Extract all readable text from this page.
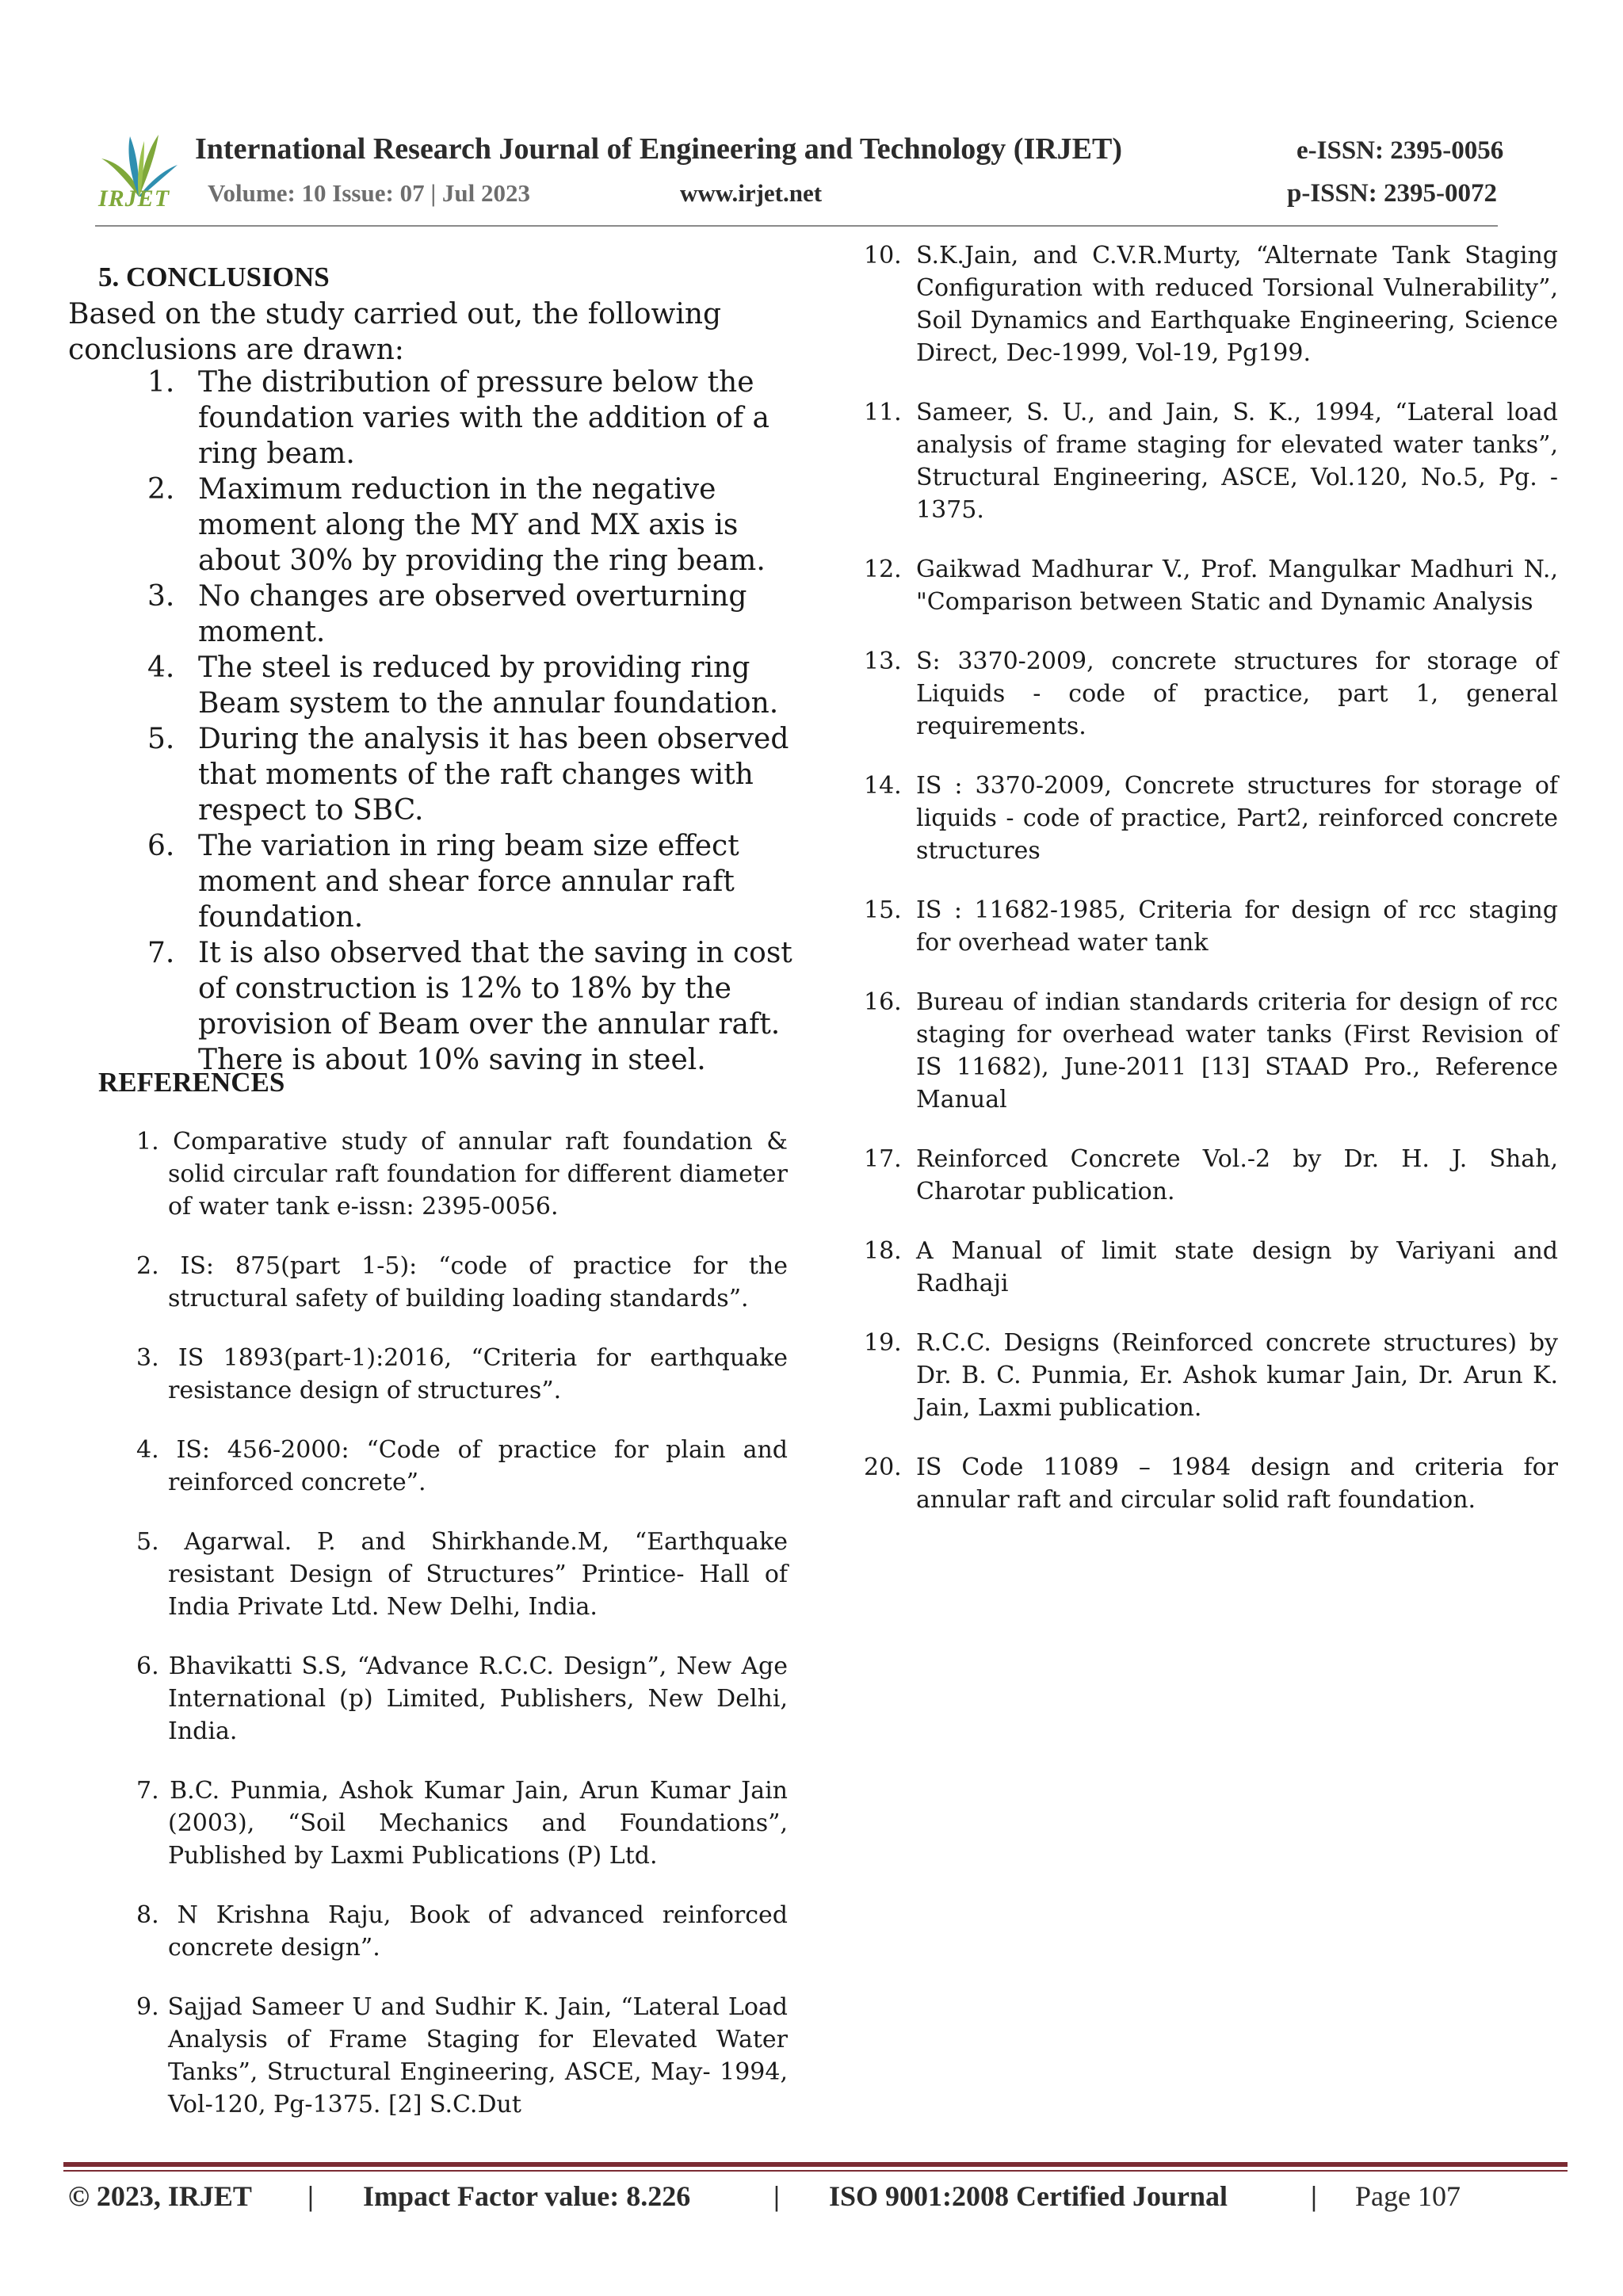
IRJET
International Research Journal of Engineering and Technology (IRJET)	e-ISSN: 2395-0056
Volume: 10 Issue: 07 | Jul 2023	www.irjet.net	p-ISSN: 2395-0072
5. CONCLUSIONS

Based on the study carried out, the following conclusions are drawn:

1. The distribution of pressure below the foundation varies with the addition of a ring beam.
2. Maximum reduction in the negative moment along the MY and MX axis is about 30% by providing the ring beam.
3. No changes are observed overturning moment.
4. The steel is reduced by providing ring Beam system to the annular foundation.
5. During the analysis it has been observed that moments of the raft changes with respect to SBC.
6. The variation in ring beam size effect moment and shear force annular raft foundation.
7. It is also observed that the saving in cost of construction is 12% to 18% by the provision of Beam over the annular raft. There is about 10% saving in steel.
REFERENCES
1. Comparative study of annular raft foundation & solid circular raft foundation for different diameter of water tank e-issn: 2395-0056.
2. IS: 875(part 1-5): “code of practice for the structural safety of building loading standards”.
3. IS 1893(part-1):2016, “Criteria for earthquake resistance design of structures”.
4. IS: 456-2000: “Code of practice for plain and reinforced concrete”.
5. Agarwal. P. and Shirkhande.M, “Earthquake resistant Design of Structures” Printice- Hall of India Private Ltd. New Delhi, India.
6. Bhavikatti S.S, “Advance R.C.C. Design”, New Age International (p) Limited, Publishers, New Delhi, India.
7. B.C. Punmia, Ashok Kumar Jain, Arun Kumar Jain (2003), “Soil Mechanics and Foundations”, Published by Laxmi Publications (P) Ltd.
8. N Krishna Raju, Book of advanced reinforced concrete design”.
9. Sajjad Sameer U and Sudhir K. Jain, “Lateral Load Analysis of Frame Staging for Elevated Water Tanks”, Structural Engineering, ASCE, May- 1994, Vol-120, Pg-1375. [2] S.C.Dut
10. S.K.Jain, and C.V.R.Murty, “Alternate Tank Staging Configuration with reduced Torsional Vulnerability”, Soil Dynamics and Earthquake Engineering, Science Direct, Dec-1999, Vol-19, Pg199.
11. Sameer, S. U., and Jain, S. K., 1994, “Lateral load analysis of frame staging for elevated water tanks”, Structural Engineering, ASCE, Vol.120, No.5, Pg. - 1375.
12. Gaikwad Madhurar V., Prof. Mangulkar Madhuri N., "Comparison between Static and Dynamic Analysis
13. S: 3370-2009, concrete structures for storage of Liquids - code of practice, part 1, general requirements.
14. IS : 3370-2009, Concrete structures for storage of liquids - code of practice, Part2, reinforced concrete structures
15. IS : 11682-1985, Criteria for design of rcc staging for overhead water tank
16. Bureau of indian standards criteria for design of rcc staging for overhead water tanks (First Revision of IS 11682), June-2011 [13] STAAD Pro., Reference Manual
17. Reinforced Concrete Vol.-2 by Dr. H. J. Shah, Charotar publication.
18. A Manual of limit state design by Variyani and Radhaji
19. R.C.C. Designs (Reinforced concrete structures) by Dr. B. C. Punmia, Er. Ashok kumar Jain, Dr. Arun K. Jain, Laxmi publication.
20. IS Code 11089 – 1984 design and criteria for annular raft and circular solid raft foundation.
© 2023, IRJET | Impact Factor value: 8.226	| ISO 9001:2008 Certified Journal	| Page 107
